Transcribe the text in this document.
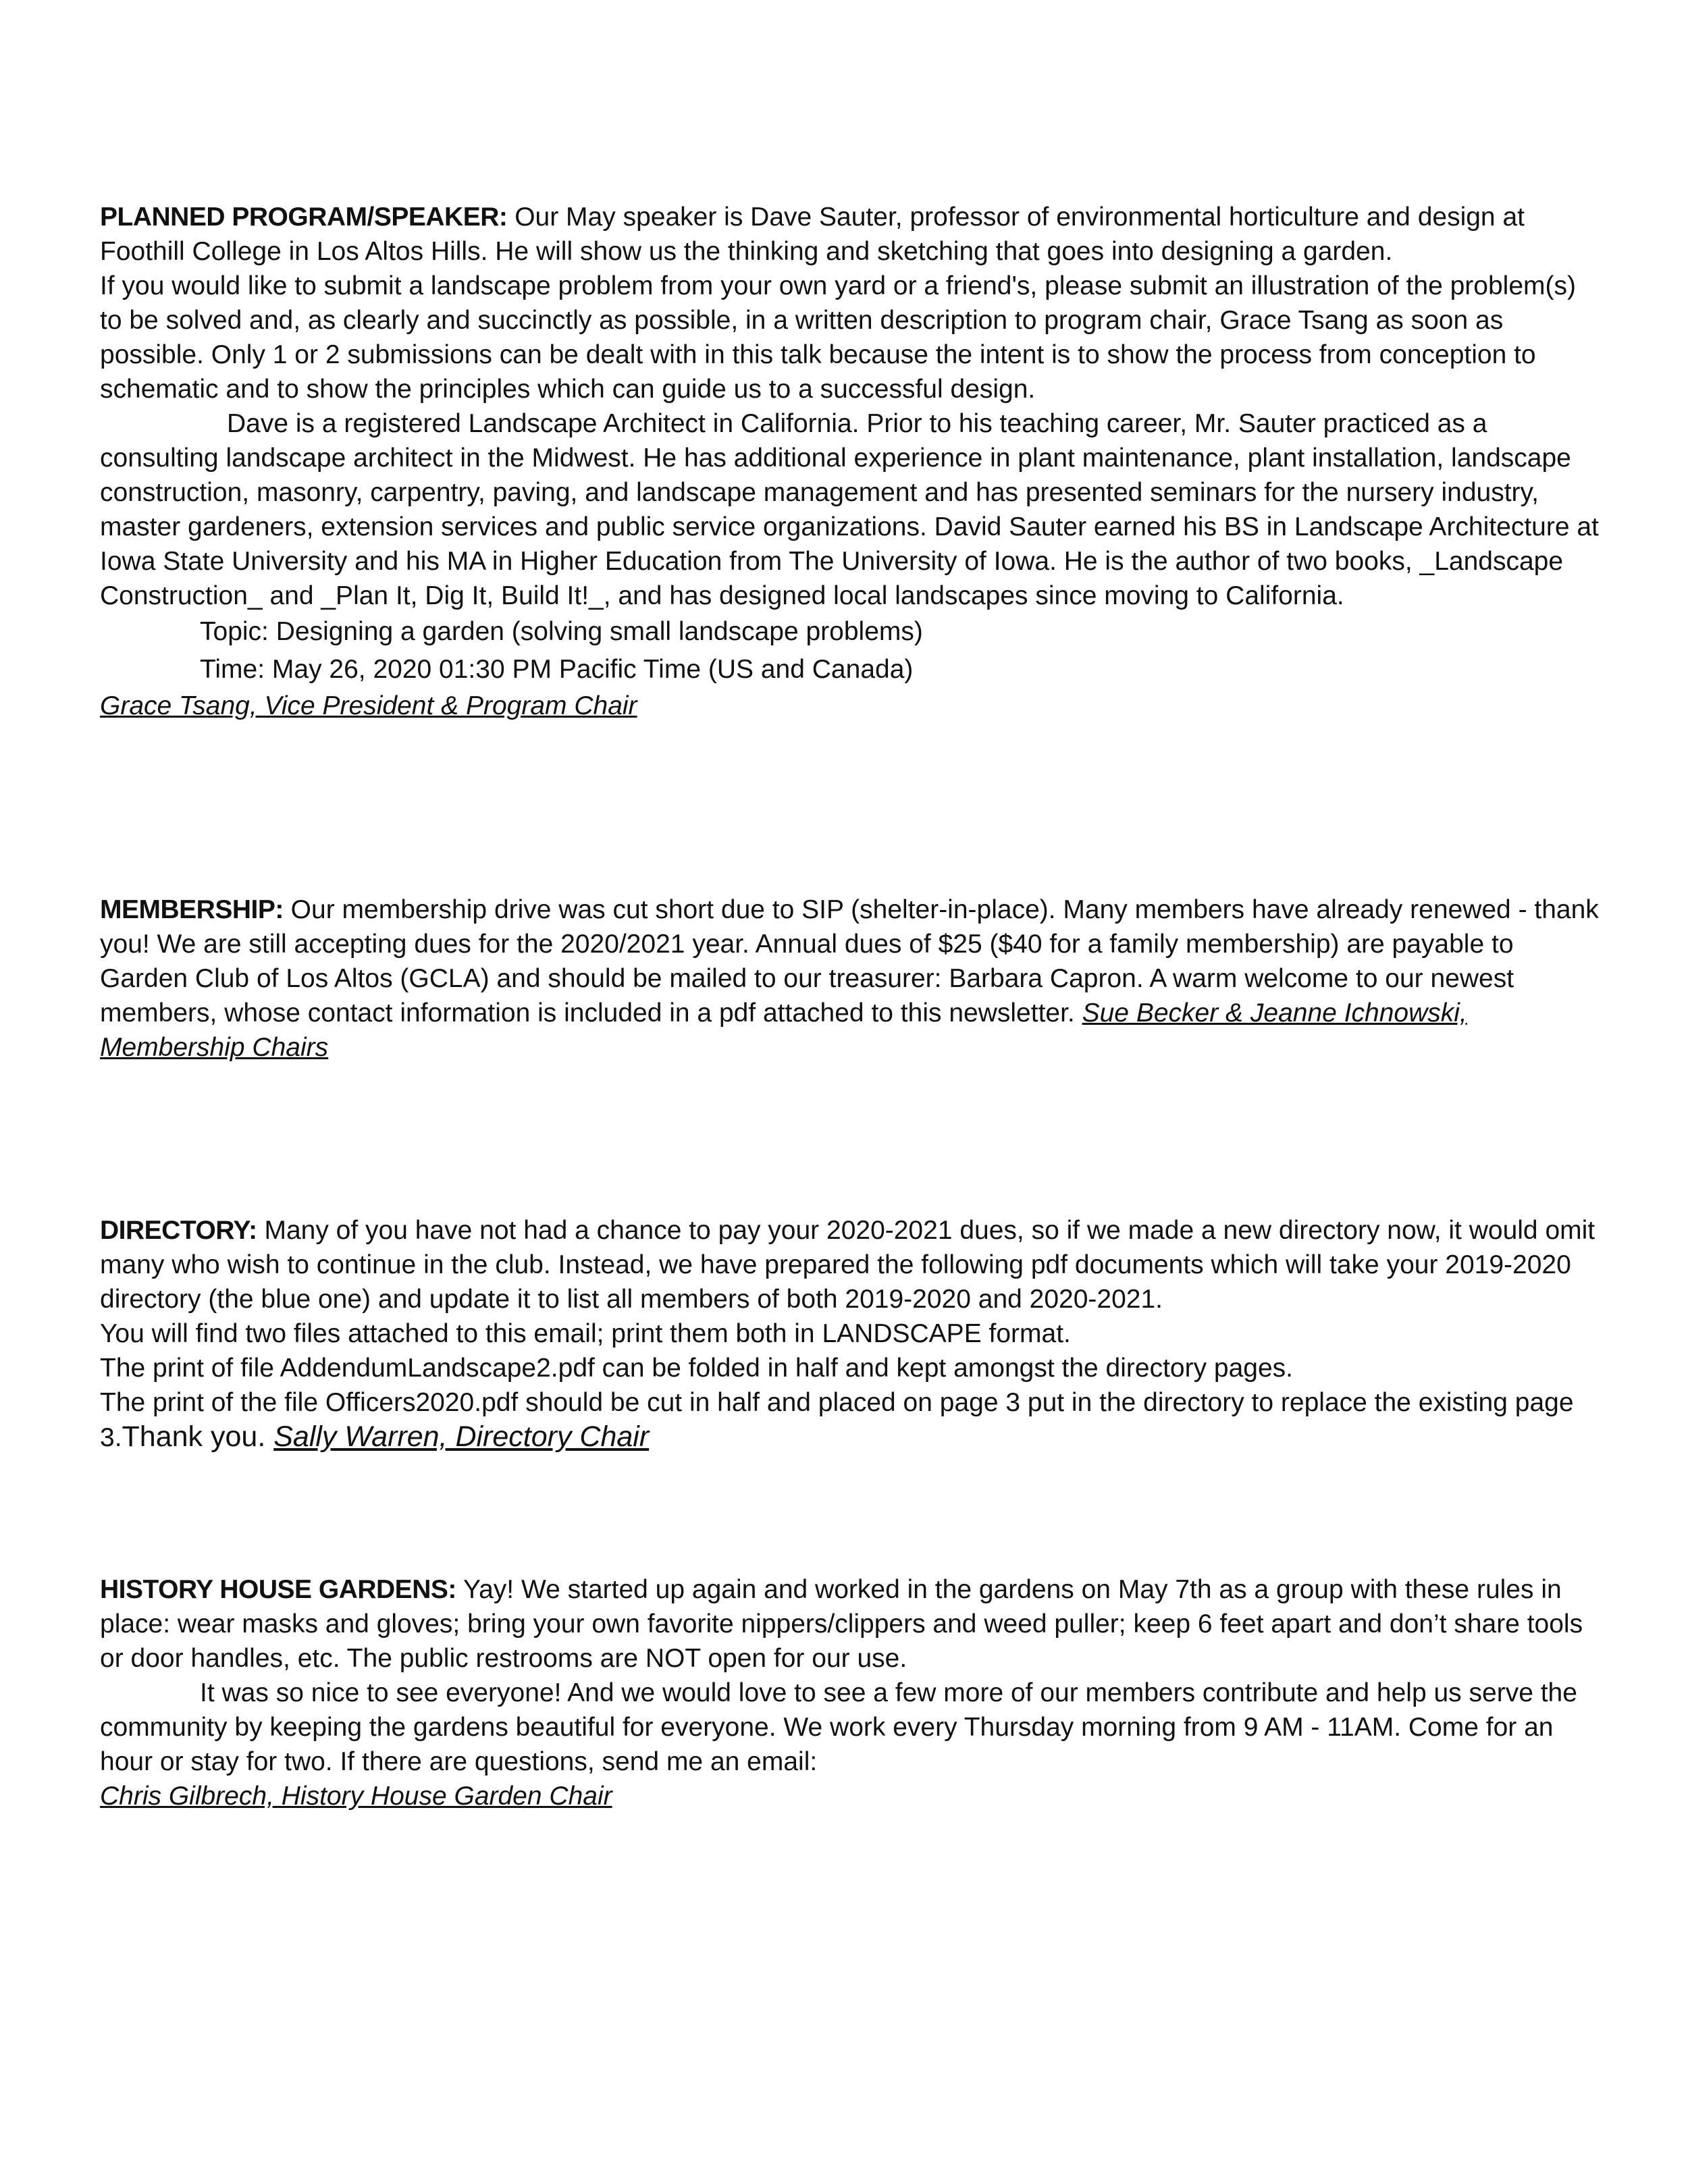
PLANNED PROGRAM/SPEAKER: Our May speaker is Dave Sauter, professor of environmental horticulture and design at Foothill College in Los Altos Hills. He will show us the thinking and sketching that goes into designing a garden.

If you would like to submit a landscape problem from your own yard or a friend's, please submit an illustration of the problem(s) to be solved and, as clearly and succinctly as possible, in a written description to program chair, Grace Tsang as soon as possible. Only 1 or 2 submissions can be dealt with in this talk because the intent is to show the process from conception to schematic and to show the principles which can guide us to a successful design.

Dave is a registered Landscape Architect in California. Prior to his teaching career, Mr. Sauter practiced as a consulting landscape architect in the Midwest. He has additional experience in plant maintenance, plant installation, landscape construction, masonry, carpentry, paving, and landscape management and has presented seminars for the nursery industry, master gardeners, extension services and public service organizations. David Sauter earned his BS in Landscape Architecture at Iowa State University and his MA in Higher Education from The University of Iowa. He is the author of two books, _Landscape Construction_ and _Plan It, Dig It, Build It!_, and has designed local landscapes since moving to California.

Topic: Designing a garden (solving small landscape problems)

Time: May 26, 2020 01:30 PM Pacific Time (US and Canada)

Grace Tsang, Vice President & Program Chair

MEMBERSHIP: Our membership drive was cut short due to SIP (shelter-in-place). Many members have already renewed - thank you! We are still accepting dues for the 2020/2021 year. Annual dues of $25 ($40 for a family membership) are payable to Garden Club of Los Altos (GCLA) and should be mailed to our treasurer: Barbara Capron. A warm welcome to our newest members, whose contact information is included in a pdf attached to this newsletter. Sue Becker & Jeanne Ichnowski, Membership Chairs

DIRECTORY: Many of you have not had a chance to pay your 2020-2021 dues, so if we made a new directory now, it would omit many who wish to continue in the club. Instead, we have prepared the following pdf documents which will take your 2019-2020 directory (the blue one) and update it to list all members of both 2019-2020 and 2020-2021.

You will find two files attached to this email; print them both in LANDSCAPE format.

The print of file AddendumLandscape2.pdf can be folded in half and kept amongst the directory pages.

The print of the file Officers2020.pdf should be cut in half and placed on page 3 put in the directory to replace the existing page 3.Thank you. Sally Warren, Directory Chair

HISTORY HOUSE GARDENS: Yay! We started up again and worked in the gardens on May 7th as a group with these rules in place: wear masks and gloves; bring your own favorite nippers/clippers and weed puller; keep 6 feet apart and don’t share tools or door handles, etc. The public restrooms are NOT open for our use.

It was so nice to see everyone! And we would love to see a few more of our members contribute and help us serve the community by keeping the gardens beautiful for everyone. We work every Thursday morning from 9 AM - 11AM. Come for an hour or stay for two. If there are questions, send me an email:

Chris Gilbrech, History House Garden Chair
